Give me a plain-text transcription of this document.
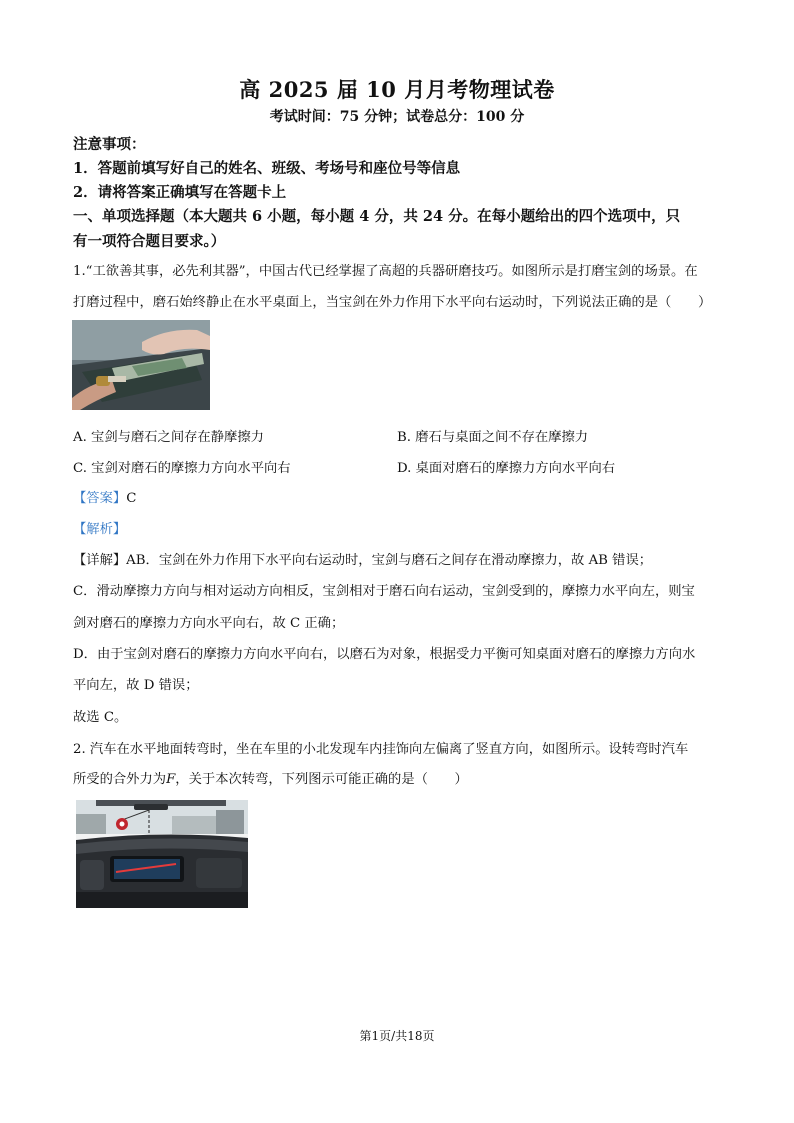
高 2025 届 10 月月考物理试卷
考试时间：75 分钟；试卷总分：100 分
注意事项：
1．答题前填写好自己的姓名、班级、考场号和座位号等信息
2．请将答案正确填写在答题卡上
一、单项选择题（本大题共 6 小题，每小题 4 分，共 24 分。在每小题给出的四个选项中，只
有一项符合题目要求。）
1.“工欲善其事，必先利其器”，中国古代已经掌握了高超的兵器研磨技巧。如图所示是打磨宝剑的场景。在
打磨过程中，磨石始终静止在水平桌面上，当宝剑在外力作用下水平向右运动时，下列说法正确的是（　　）
A. 宝剑与磨石之间存在静摩擦力	B. 磨石与桌面之间不存在摩擦力
C. 宝剑对磨石的摩擦力方向水平向右	D. 桌面对磨石的摩擦力方向水平向右
【答案】C
【解析】
【详解】AB．宝剑在外力作用下水平向右运动时，宝剑与磨石之间存在滑动摩擦力，故 AB 错误；
C．滑动摩擦力方向与相对运动方向相反，宝剑相对于磨石向右运动，宝剑受到的，摩擦力水平向左，则宝
剑对磨石的摩擦力方向水平向右，故 C 正确；
D．由于宝剑对磨石的摩擦力方向水平向右，以磨石为对象，根据受力平衡可知桌面对磨石的摩擦力方向水
平向左，故 D 错误；
故选 C。
2. 汽车在水平地面转弯时，坐在车里的小北发现车内挂饰向左偏离了竖直方向，如图所示。设转弯时汽车
所受的合外力为𝐹，关于本次转弯，下列图示可能正确的是（　　）
第1页/共18页
